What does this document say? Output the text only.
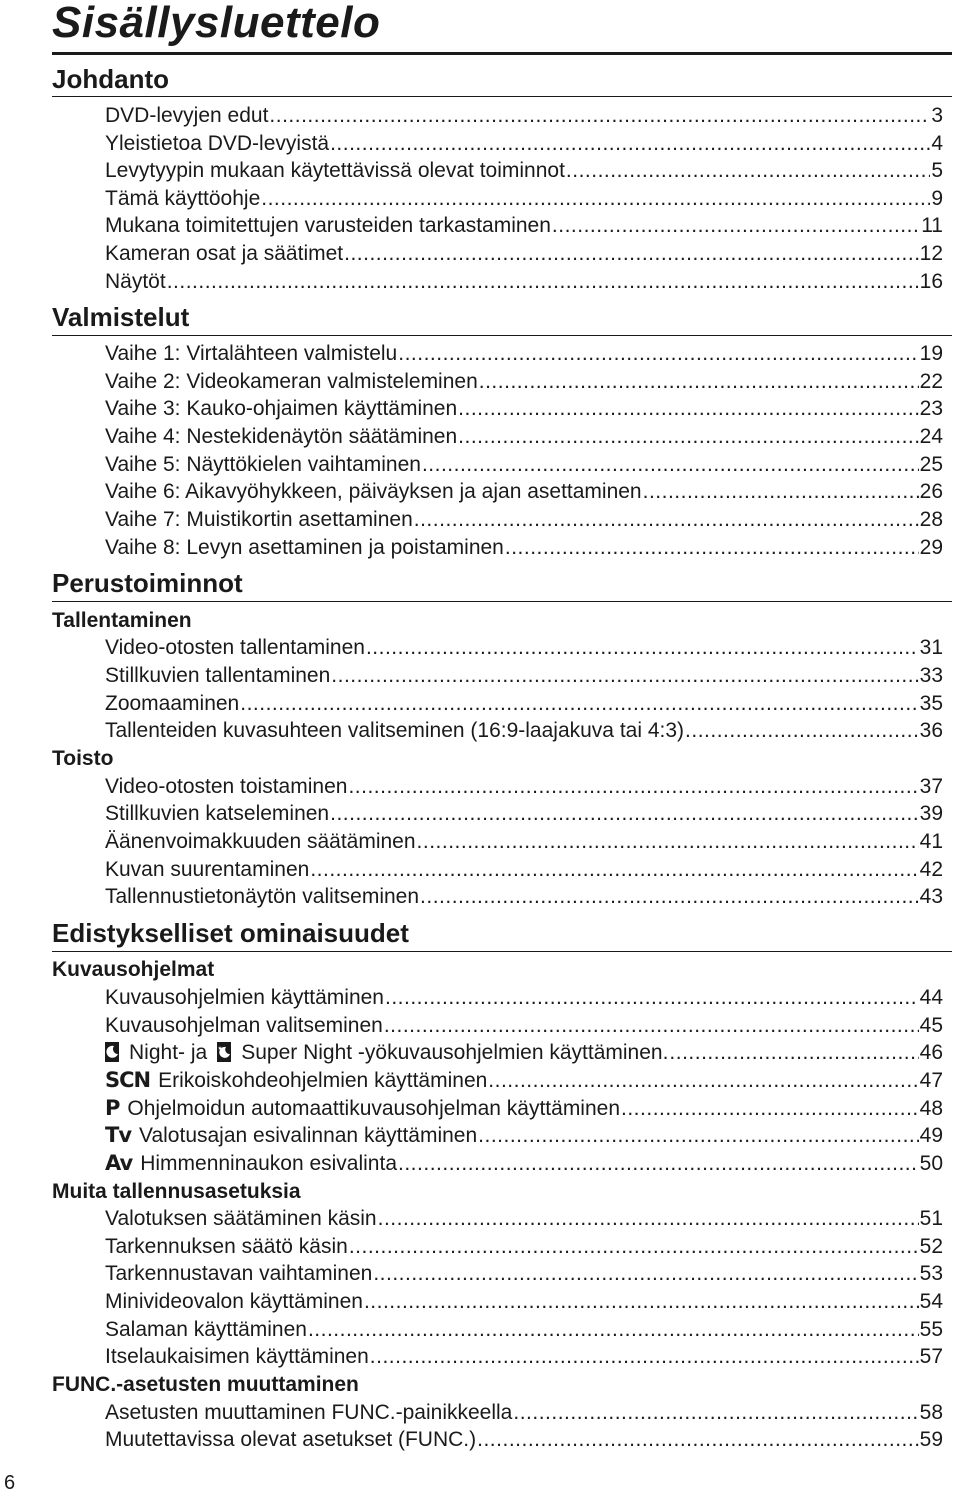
Sisällysluettelo
Johdanto
DVD-levyjen edut .....	3
Yleistietoa DVD-levyistä .....	4
Levytyypin mukaan käytettävissä olevat toiminnot .....	5
Tämä käyttöohje .....	9
Mukana toimitettujen varusteiden tarkastaminen .....	11
Kameran osat ja säätimet .....	12
Näytöt .....	16
Valmistelut
Vaihe 1: Virtalähteen valmistelu .....	19
Vaihe 2: Videokameran valmisteleminen .....	22
Vaihe 3: Kauko-ohjaimen käyttäminen .....	23
Vaihe 4: Nestekidenäytön säätäminen .....	24
Vaihe 5: Näyttökielen vaihtaminen .....	25
Vaihe 6: Aikavyöhykkeen, päiväyksen ja ajan asettaminen .....	26
Vaihe 7: Muistikortin asettaminen .....	28
Vaihe 8: Levyn asettaminen ja poistaminen .....	29
Perustoiminnot
Tallentaminen
Video-otosten tallentaminen .....	31
Stillkuvien tallentaminen .....	33
Zoomaaminen .....	35
Tallenteiden kuvasuhteen valitseminen (16:9-laajakuva tai 4:3) .....	36
Toisto
Video-otosten toistaminen .....	37
Stillkuvien katseleminen .....	39
Äänenvoimakkuuden säätäminen .....	41
Kuvan suurentaminen .....	42
Tallennustietonäytön valitseminen .....	43
Edistykselliset ominaisuudet
Kuvausohjelmat
Kuvausohjelmien käyttäminen .....	44
Kuvausohjelman valitseminen .....	45
Night- ja Super Night -yökuvausohjelmien käyttäminen. .....	46
SCN Erikoiskohdeohjelmien käyttäminen .....	47
P Ohjelmoidun automaattikuvausohjelman käyttäminen .....	48
Tv Valotusajan esivalinnan käyttäminen .....	49
Av Himmenninaukon esivalinta .....	50
Muita tallennusasetuksia
Valotuksen säätäminen käsin .....	51
Tarkennuksen säätö käsin .....	52
Tarkennustavan vaihtaminen .....	53
Minivideovalon käyttäminen .....	54
Salaman käyttäminen .....	55
Itselaukaisimen käyttäminen .....	57
FUNC.-asetusten muuttaminen
Asetusten muuttaminen FUNC.-painikkeella .....	58
Muutettavissa olevat asetukset (FUNC.) .....	59
6
